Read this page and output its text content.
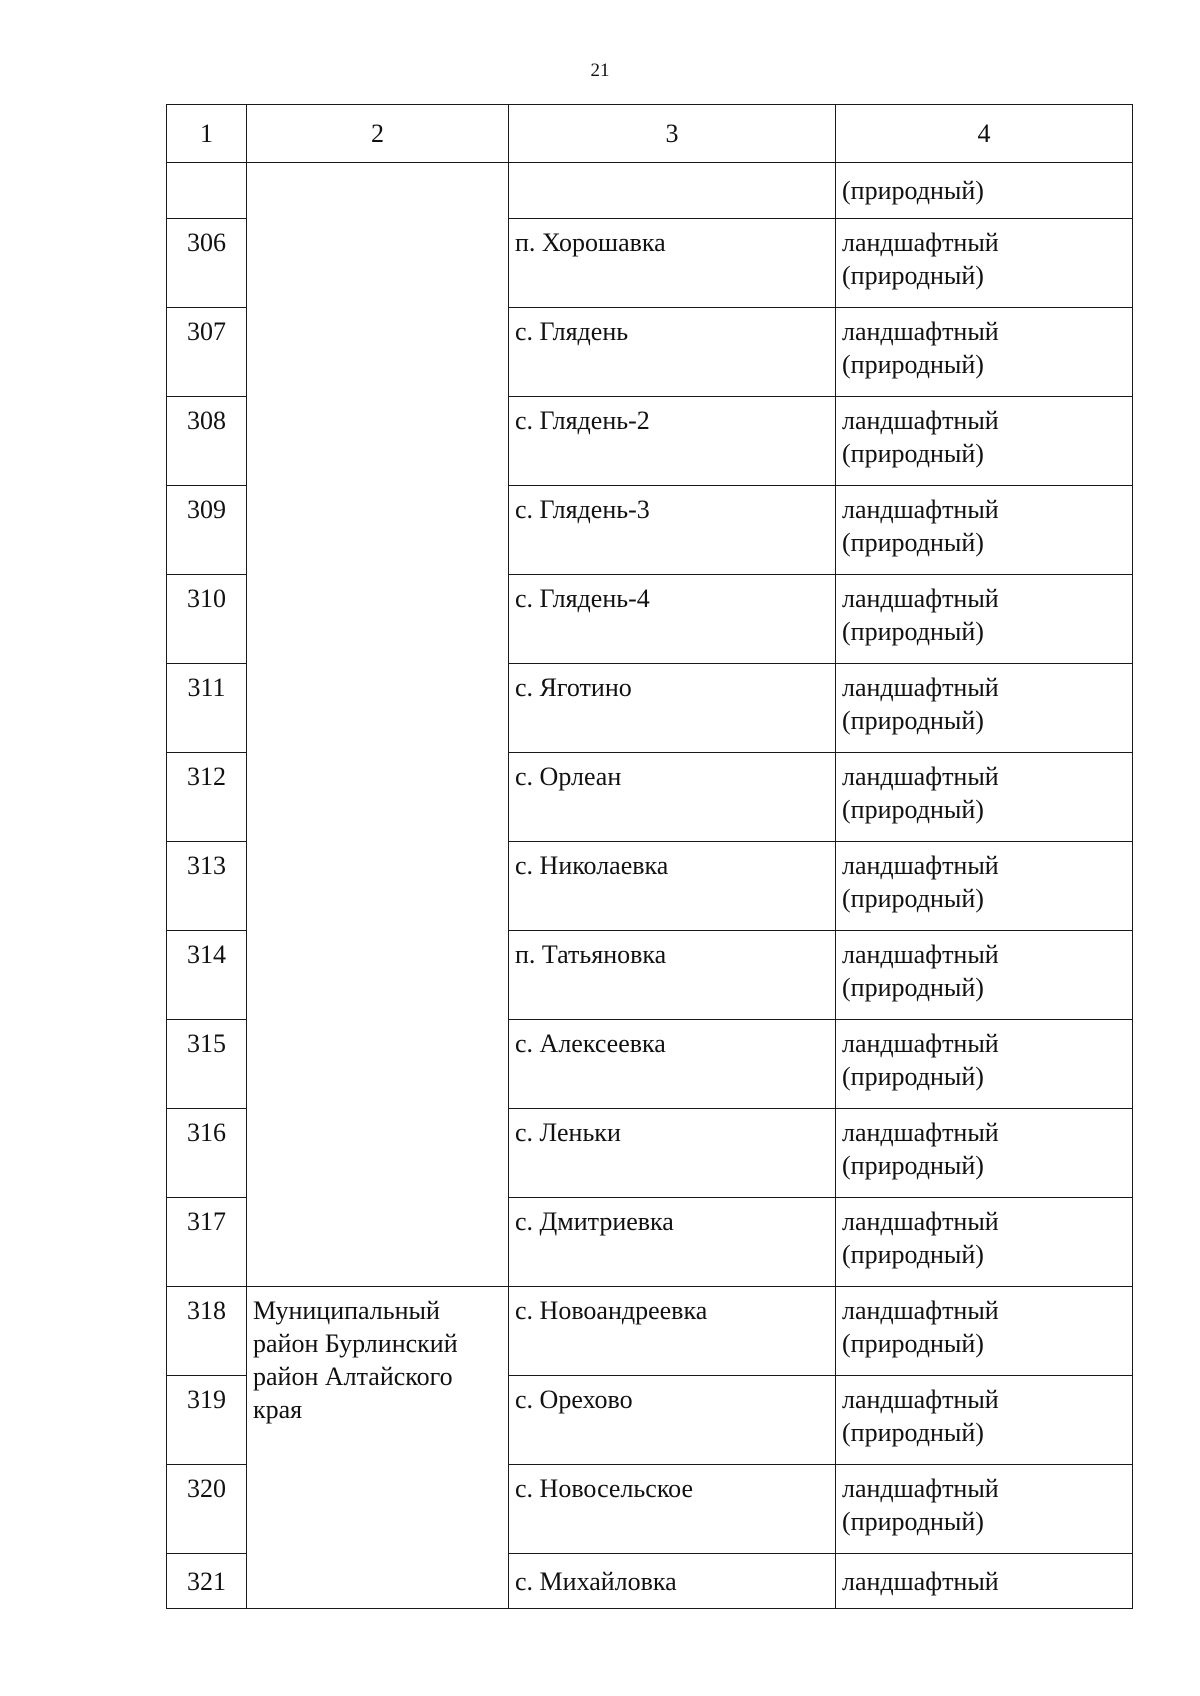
21
1	2	3	4
			(природный)
306		п. Хорошавка	ландшафтный
(природный)

307		с. Глядень	ландшафтный
(природный)

308		с. Глядень-2	ландшафтный
(природный)

309		с. Глядень-3	ландшафтный
(природный)

310		с. Глядень-4	ландшафтный
(природный)

311		с. Яготино	ландшафтный
(природный)

312		с. Орлеан	ландшафтный
(природный)

313		с. Николаевка	ландшафтный
(природный)

314		п. Татьяновка	ландшафтный
(природный)

315		с. Алексеевка	ландшафтный
(природный)

316		с. Леньки	ландшафтный
(природный)

317		с. Дмитриевка	ландшафтный
(природный)

318	Муниципальный район Бурлинский район Алтайского края	с. Новоандреевка	ландшафтный
(природный)

319		с. Орехово	ландшафтный
(природный)

320		с. Новосельское	ландшафтный
(природный)

321		с. Михайловка	ландшафтный
